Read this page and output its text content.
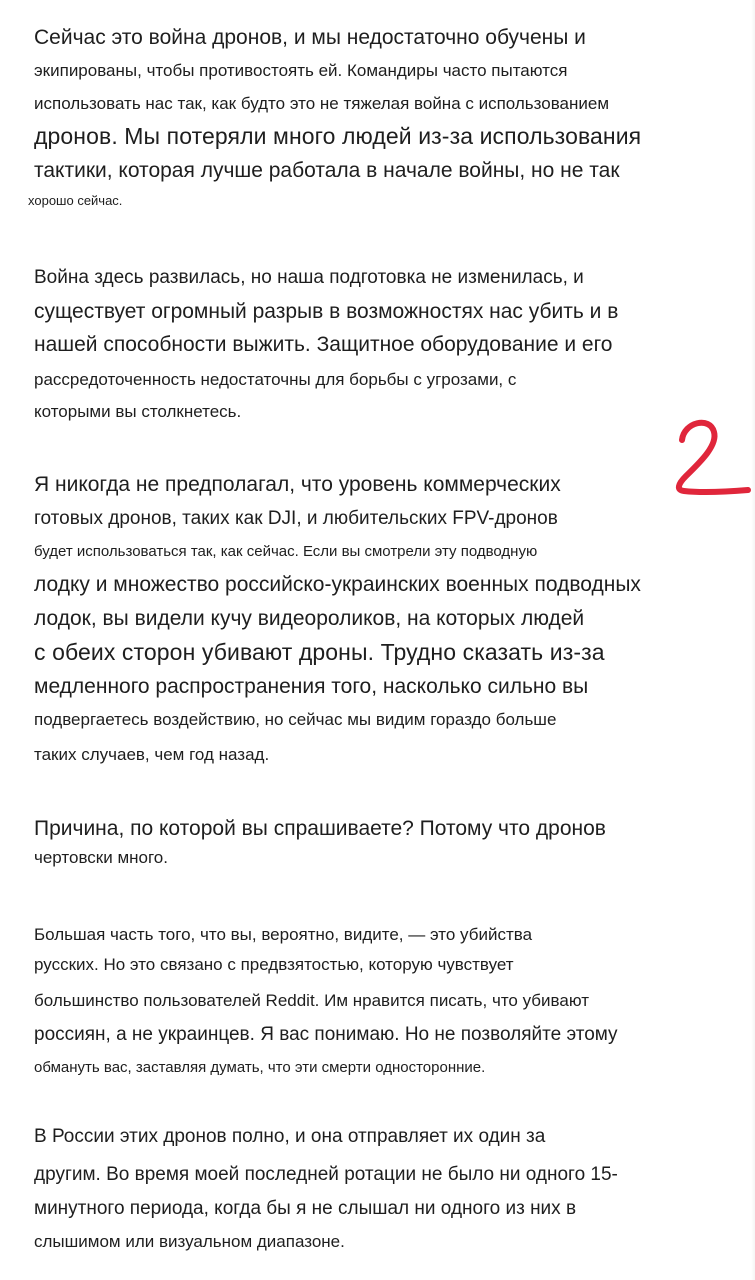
Сейчас это война дронов, и мы недостаточно обучены и
экипированы, чтобы противостоять ей. Командиры часто пытаются
использовать нас так, как будто это не тяжелая война с использованием
дронов. Мы потеряли много людей из-за использования
тактики, которая лучше работала в начале войны, но не так
хорошо сейчас.
Война здесь развилась, но наша подготовка не изменилась, и
существует огромный разрыв в возможностях нас убить и в
нашей способности выжить. Защитное оборудование и его
рассредоточенность недостаточны для борьбы с угрозами, с
которыми вы столкнетесь.
Я никогда не предполагал, что уровень коммерческих
готовых дронов, таких как DJI, и любительских FPV-дронов
будет использоваться так, как сейчас. Если вы смотрели эту подводную
лодку и множество российско-украинских военных подводных
лодок, вы видели кучу видеороликов, на которых людей
с обеих сторон убивают дроны. Трудно сказать из-за
медленного распространения того, насколько сильно вы
подвергаетесь воздействию, но сейчас мы видим гораздо больше
таких случаев, чем год назад.
Причина, по которой вы спрашиваете? Потому что дронов
чертовски много.
Большая часть того, что вы, вероятно, видите, — это убийства
русских. Но это связано с предвзятостью, которую чувствует
большинство пользователей Reddit. Им нравится писать, что убивают
россиян, а не украинцев. Я вас понимаю. Но не позволяйте этому
обмануть вас, заставляя думать, что эти смерти односторонние.
В России этих дронов полно, и она отправляет их один за
другим. Во время моей последней ротации не было ни одного 15-
минутного периода, когда бы я не слышал ни одного из них в
слышимом или визуальном диапазоне.
